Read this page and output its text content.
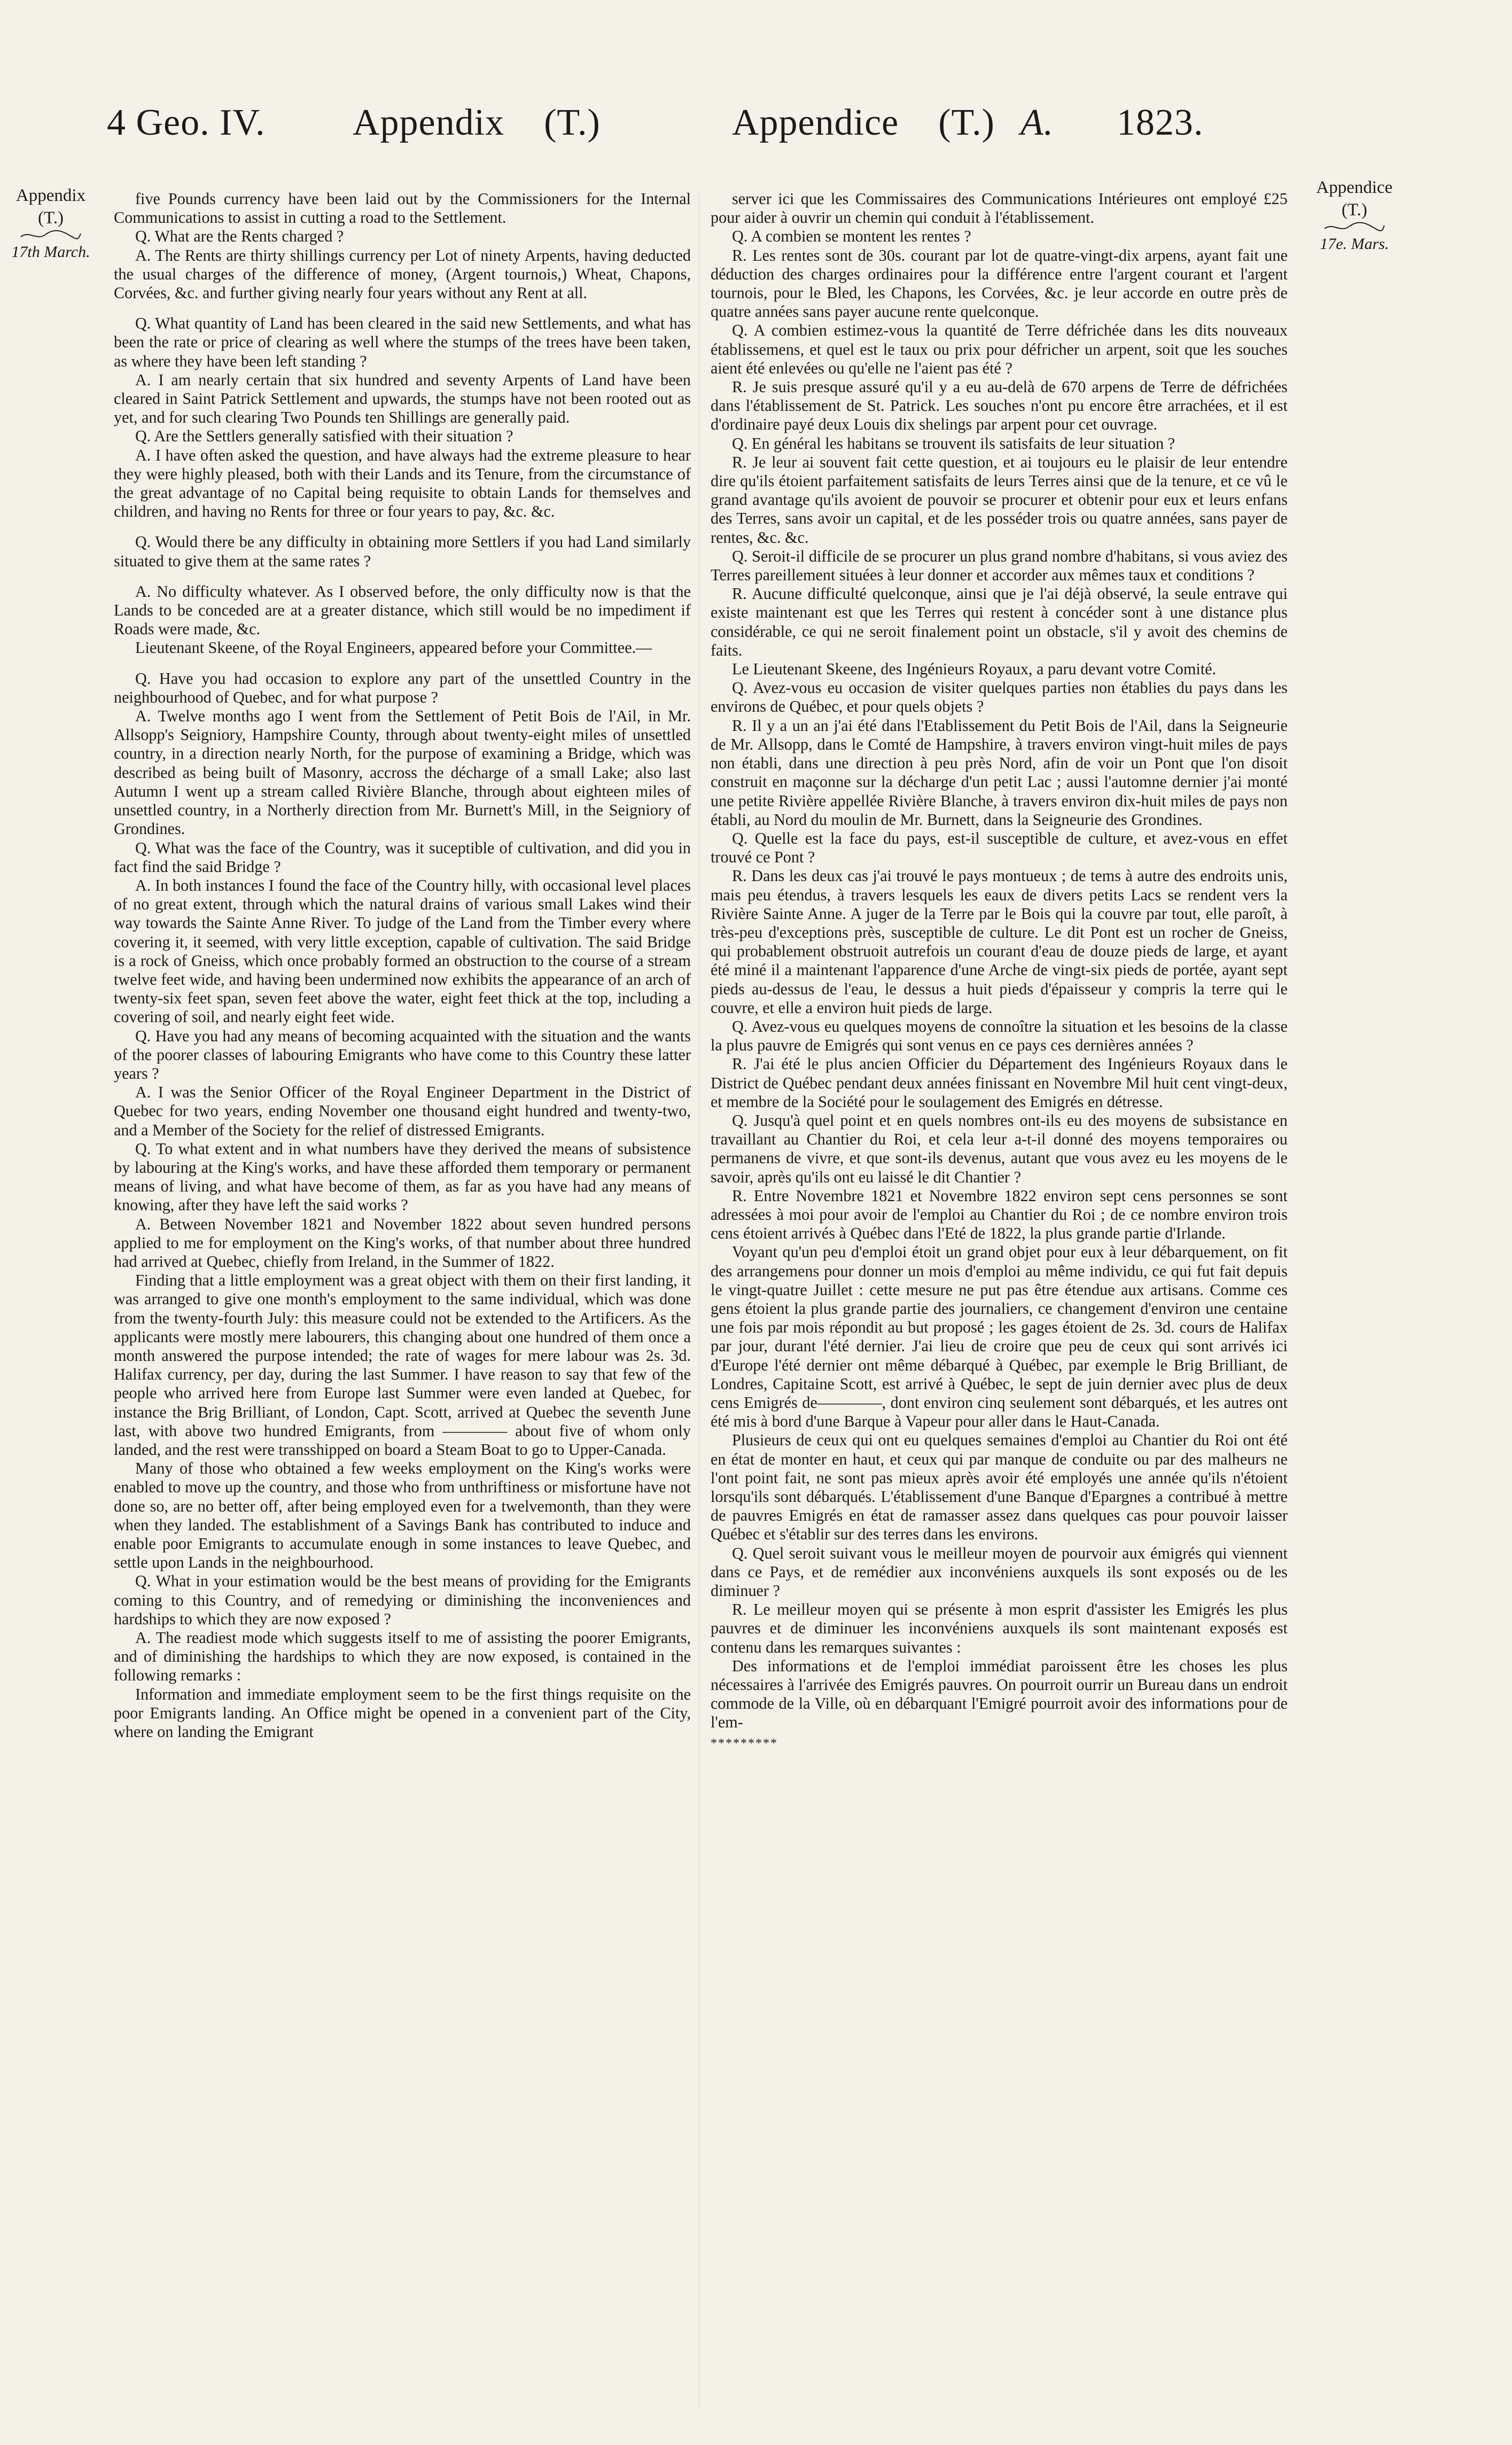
4 Geo. IV. Appendix (T.)	Appendice (T.) A. 1823.
Appendix
(T.)
17th March.
Appendice
(T.)
17e. Mars.

five Pounds currency have been laid out by the Commissioners for the Internal Communications to assist in cutting a road to the Settlement.

Q. What are the Rents charged ?

A. The Rents are thirty shillings currency per Lot of ninety Arpents, having deducted the usual charges of the difference of money, (Argent tournois,) Wheat, Chapons, Corvées, &c. and further giving nearly four years without any Rent at all.

Q. What quantity of Land has been cleared in the said new Settlements, and what has been the rate or price of clearing as well where the stumps of the trees have been taken, as where they have been left standing ?

A. I am nearly certain that six hundred and seventy Arpents of Land have been cleared in Saint Patrick Settlement and upwards, the stumps have not been rooted out as yet, and for such clearing Two Pounds ten Shillings are generally paid.

Q. Are the Settlers generally satisfied with their situation ?

A. I have often asked the question, and have always had the extreme pleasure to hear they were highly pleased, both with their Lands and its Tenure, from the circumstance of the great advantage of no Capital being requisite to obtain Lands for themselves and children, and having no Rents for three or four years to pay, &c. &c.

Q. Would there be any difficulty in obtaining more Settlers if you had Land similarly situated to give them at the same rates ?

A. No difficulty whatever. As I observed before, the only difficulty now is that the Lands to be conceded are at a greater distance, which still would be no impediment if Roads were made, &c.

Lieutenant Skeene, of the Royal Engineers, appeared before your Committee.—

Q. Have you had occasion to explore any part of the unsettled Country in the neighbourhood of Quebec, and for what purpose ?

A. Twelve months ago I went from the Settlement of Petit Bois de l'Ail, in Mr. Allsopp's Seigniory, Hampshire County, through about twenty-eight miles of unsettled country, in a direction nearly North, for the purpose of examining a Bridge, which was described as being built of Masonry, accross the décharge of a small Lake; also last Autumn I went up a stream called Rivière Blanche, through about eighteen miles of unsettled country, in a Northerly direction from Mr. Burnett's Mill, in the Seigniory of Grondines.

Q. What was the face of the Country, was it suceptible of cultivation, and did you in fact find the said Bridge ?

A. In both instances I found the face of the Country hilly, with occasional level places of no great extent, through which the natural drains of various small Lakes wind their way towards the Sainte Anne River. To judge of the Land from the Timber every where covering it, it seemed, with very little exception, capable of cultivation. The said Bridge is a rock of Gneiss, which once probably formed an obstruction to the course of a stream twelve feet wide, and having been undermined now exhibits the appearance of an arch of twenty-six feet span, seven feet above the water, eight feet thick at the top, including a covering of soil, and nearly eight feet wide.

Q. Have you had any means of becoming acquainted with the situation and the wants of the poorer classes of labouring Emigrants who have come to this Country these latter years ?

A. I was the Senior Officer of the Royal Engineer Department in the District of Quebec for two years, ending November one thousand eight hundred and twenty-two, and a Member of the Society for the relief of distressed Emigrants.

Q. To what extent and in what numbers have they derived the means of subsistence by labouring at the King's works, and have these afforded them temporary or permanent means of living, and what have become of them, as far as you have had any means of knowing, after they have left the said works ?

A. Between November 1821 and November 1822 about seven hundred persons applied to me for employment on the King's works, of that number about three hundred had arrived at Quebec, chiefly from Ireland, in the Summer of 1822.

Finding that a little employment was a great object with them on their first landing, it was arranged to give one month's employment to the same individual, which was done from the twenty-fourth July: this measure could not be extended to the Artificers. As the applicants were mostly mere labourers, this changing about one hundred of them once a month answered the purpose intended; the rate of wages for mere labour was 2s. 3d. Halifax currency, per day, during the last Summer. I have reason to say that few of the people who arrived here from Europe last Summer were even landed at Quebec, for instance the Brig Brilliant, of London, Capt. Scott, arrived at Quebec the seventh June last, with above two hundred Emigrants, from ———— about five of whom only landed, and the rest were transshipped on board a Steam Boat to go to Upper-Canada.

Many of those who obtained a few weeks employment on the King's works were enabled to move up the country, and those who from unthriftiness or misfortune have not done so, are no better off, after being employed even for a twelvemonth, than they were when they landed. The establishment of a Savings Bank has contributed to induce and enable poor Emigrants to accumulate enough in some instances to leave Quebec, and settle upon Lands in the neighbourhood.

Q. What in your estimation would be the best means of providing for the Emigrants coming to this Country, and of remedying or diminishing the inconveniences and hardships to which they are now exposed ?

A. The readiest mode which suggests itself to me of assisting the poorer Emigrants, and of diminishing the hardships to which they are now exposed, is contained in the following remarks :

Information and immediate employment seem to be the first things requisite on the poor Emigrants landing. An Office might be opened in a convenient part of the City, where on landing the Emigrant

server ici que les Commissaires des Communications Intérieures ont employé £25 pour aider à ouvrir un chemin qui conduit à l'établissement.

Q. A combien se montent les rentes ?

R. Les rentes sont de 30s. courant par lot de quatre-vingt-dix arpens, ayant fait une déduction des charges ordinaires pour la différence entre l'argent courant et l'argent tournois, pour le Bled, les Chapons, les Corvées, &c. je leur accorde en outre près de quatre années sans payer aucune rente quelconque.

Q. A combien estimez-vous la quantité de Terre défrichée dans les dits nouveaux établissemens, et quel est le taux ou prix pour défricher un arpent, soit que les souches aient été enlevées ou qu'elle ne l'aient pas été ?

R. Je suis presque assuré qu'il y a eu au-delà de 670 arpens de Terre de défrichées dans l'établissement de St. Patrick. Les souches n'ont pu encore être arrachées, et il est d'ordinaire payé deux Louis dix shelings par arpent pour cet ouvrage.

Q. En général les habitans se trouvent ils satisfaits de leur situation ?

R. Je leur ai souvent fait cette question, et ai toujours eu le plaisir de leur entendre dire qu'ils étoient parfaitement satisfaits de leurs Terres ainsi que de la tenure, et ce vû le grand avantage qu'ils avoient de pouvoir se procurer et obtenir pour eux et leurs enfans des Terres, sans avoir un capital, et de les posséder trois ou quatre années, sans payer de rentes, &c. &c.

Q. Seroit-il difficile de se procurer un plus grand nombre d'habitans, si vous aviez des Terres pareillement situées à leur donner et accorder aux mêmes taux et conditions ?

R. Aucune difficulté quelconque, ainsi que je l'ai déjà observé, la seule entrave qui existe maintenant est que les Terres qui restent à concéder sont à une distance plus considérable, ce qui ne seroit finalement point un obstacle, s'il y avoit des chemins de faits.

Le Lieutenant Skeene, des Ingénieurs Royaux, a paru devant votre Comité.

Q. Avez-vous eu occasion de visiter quelques parties non établies du pays dans les environs de Québec, et pour quels objets ?

R. Il y a un an j'ai été dans l'Etablissement du Petit Bois de l'Ail, dans la Seigneurie de Mr. Allsopp, dans le Comté de Hampshire, à travers environ vingt-huit miles de pays non établi, dans une direction à peu près Nord, afin de voir un Pont que l'on disoit construit en maçonne sur la décharge d'un petit Lac ; aussi l'automne dernier j'ai monté une petite Rivière appellée Rivière Blanche, à travers environ dix-huit miles de pays non établi, au Nord du moulin de Mr. Burnett, dans la Seigneurie des Grondines.

Q. Quelle est la face du pays, est-il susceptible de culture, et avez-vous en effet trouvé ce Pont ?

R. Dans les deux cas j'ai trouvé le pays montueux ; de tems à autre des endroits unis, mais peu étendus, à travers lesquels les eaux de divers petits Lacs se rendent vers la Rivière Sainte Anne. A juger de la Terre par le Bois qui la couvre par tout, elle paroît, à très-peu d'exceptions près, susceptible de culture. Le dit Pont est un rocher de Gneiss, qui probablement obstruoit autrefois un courant d'eau de douze pieds de large, et ayant été miné il a maintenant l'apparence d'une Arche de vingt-six pieds de portée, ayant sept pieds au-dessus de l'eau, le dessus a huit pieds d'épaisseur y compris la terre qui le couvre, et elle a environ huit pieds de large.

Q. Avez-vous eu quelques moyens de connoître la situation et les besoins de la classe la plus pauvre de Emigrés qui sont venus en ce pays ces dernières années ?

R. J'ai été le plus ancien Officier du Département des Ingénieurs Royaux dans le District de Québec pendant deux années finissant en Novembre Mil huit cent vingt-deux, et membre de la Société pour le soulagement des Emigrés en détresse.

Q. Jusqu'à quel point et en quels nombres ont-ils eu des moyens de subsistance en travaillant au Chantier du Roi, et cela leur a-t-il donné des moyens temporaires ou permanens de vivre, et que sont-ils devenus, autant que vous avez eu les moyens de le savoir, après qu'ils ont eu laissé le dit Chantier ?

R. Entre Novembre 1821 et Novembre 1822 environ sept cens personnes se sont adressées à moi pour avoir de l'emploi au Chantier du Roi ; de ce nombre environ trois cens étoient arrivés à Québec dans l'Eté de 1822, la plus grande partie d'Irlande.

Voyant qu'un peu d'emploi étoit un grand objet pour eux à leur débarquement, on fit des arrangemens pour donner un mois d'emploi au même individu, ce qui fut fait depuis le vingt-quatre Juillet : cette mesure ne put pas être étendue aux artisans. Comme ces gens étoient la plus grande partie des journaliers, ce changement d'environ une centaine une fois par mois répondit au but proposé ; les gages étoient de 2s. 3d. cours de Halifax par jour, durant l'été dernier. J'ai lieu de croire que peu de ceux qui sont arrivés ici d'Europe l'été dernier ont même débarqué à Québec, par exemple le Brig Brilliant, de Londres, Capitaine Scott, est arrivé à Québec, le sept de juin dernier avec plus de deux cens Emigrés de————, dont environ cinq seulement sont débarqués, et les autres ont été mis à bord d'une Barque à Vapeur pour aller dans le Haut-Canada.

Plusieurs de ceux qui ont eu quelques semaines d'emploi au Chantier du Roi ont été en état de monter en haut, et ceux qui par manque de conduite ou par des malheurs ne l'ont point fait, ne sont pas mieux après avoir été employés une année qu'ils n'étoient lorsqu'ils sont débarqués. L'établissement d'une Banque d'Epargnes a contribué à mettre de pauvres Emigrés en état de ramasser assez dans quelques cas pour pouvoir laisser Québec et s'établir sur des terres dans les environs.

Q. Quel seroit suivant vous le meilleur moyen de pourvoir aux émigrés qui viennent dans ce Pays, et de remédier aux inconvéniens auxquels ils sont exposés ou de les diminuer ?

R. Le meilleur moyen qui se présente à mon esprit d'assister les Emigrés les plus pauvres et de diminuer les inconvéniens auxquels ils sont maintenant exposés est contenu dans les remarques suivantes :

Des informations et de l'emploi immédiat paroissent être les choses les plus nécessaires à l'arrivée des Emigrés pauvres. On pourroit ourrir un Bureau dans un endroit commode de la Ville, où en débarquant l'Emigré pourroit avoir des informations pour de l'em-

*********
